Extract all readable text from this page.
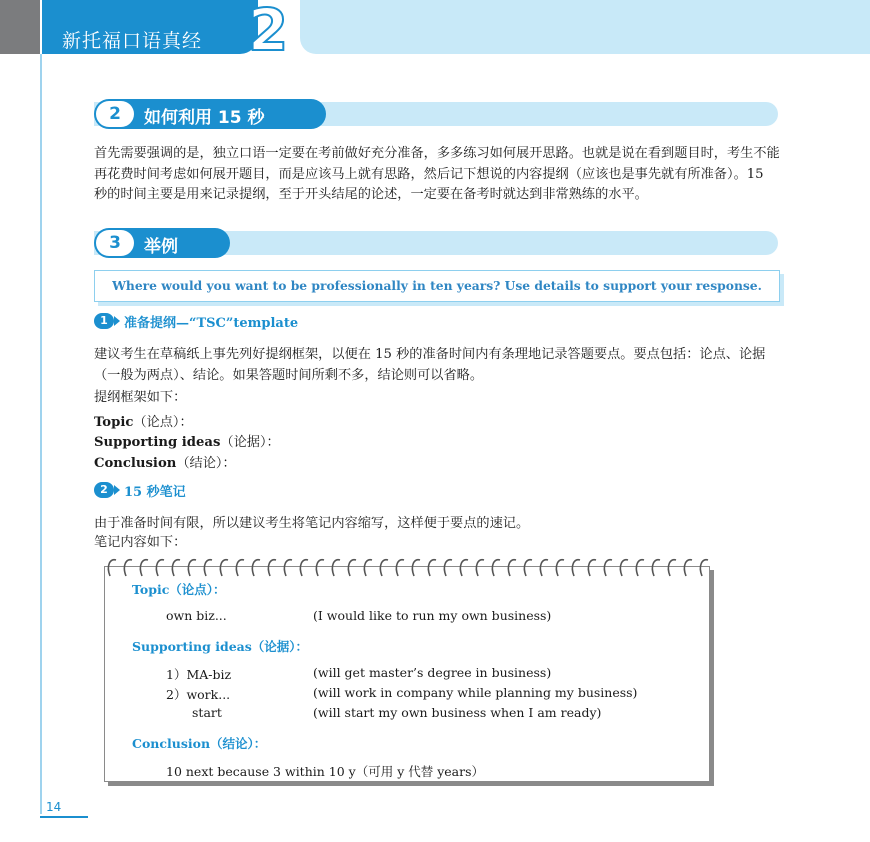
新托福口语真经 2
2	如何利用 15 秒
首先需要强调的是，独立口语一定要在考前做好充分准备，多多练习如何展开思路。也就是说在看到题目时，考生不能再花费时间考虑如何展开题目，而是应该马上就有思路，然后记下想说的内容提纲（应该也是事先就有所准备）。15 秒的时间主要是用来记录提纲，至于开头结尾的论述，一定要在备考时就达到非常熟练的水平。
3	举例
Where would you want to be professionally in ten years? Use details to support your response.
1	准备提纲—“TSC”template
建议考生在草稿纸上事先列好提纲框架，以便在 15 秒的准备时间内有条理地记录答题要点。要点包括：论点、论据（一般为两点）、结论。如果答题时间所剩不多，结论则可以省略。
提纲框架如下：
Topic（论点）：
Supporting ideas（论据）：
Conclusion（结论）：
2	15 秒笔记
由于准备时间有限，所以建议考生将笔记内容缩写，这样便于要点的速记。
笔记内容如下：
Topic（论点）：
own biz...	(I would like to run my own business)
Supporting ideas（论据）：
1）MA-biz	(will get master’s degree in business)
2）work...	(will work in company while planning my business)
start	(will start my own business when I am ready)
Conclusion（结论）：
10 next because 3 within 10 y（可用 y 代替 years）
14
